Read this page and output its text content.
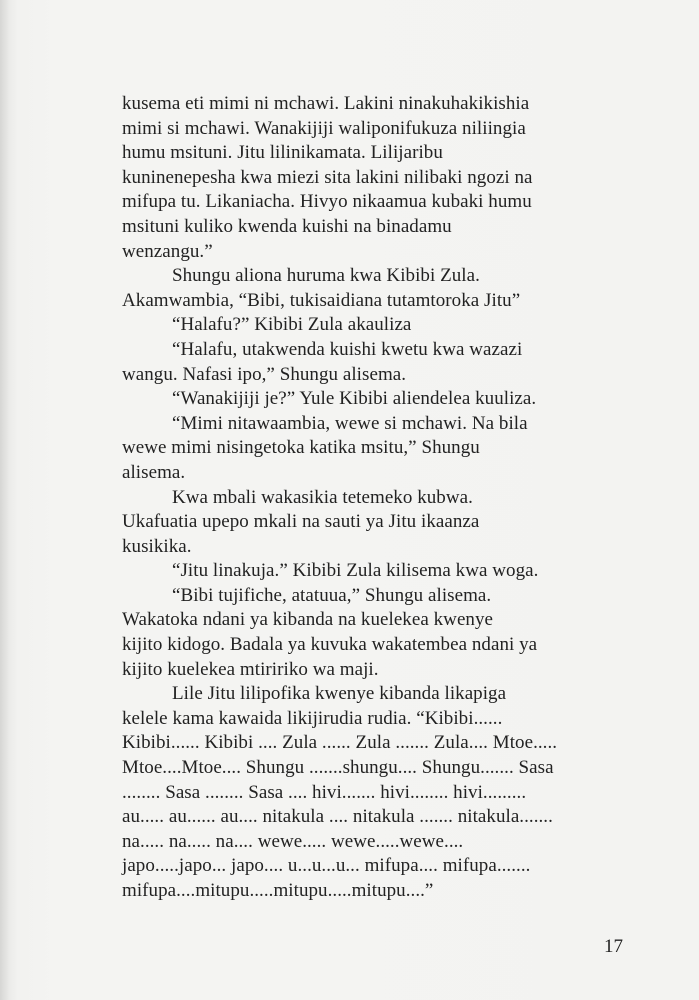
kusema eti mimi ni mchawi. Lakini ninakuhakikishia
mimi si mchawi. Wanakijiji waliponifukuza niliingia
humu msituni. Jitu lilinikamata. Lilijaribu
kuninenepesha kwa miezi sita lakini nilibaki ngozi na
mifupa tu. Likaniacha. Hivyo nikaamua kubaki humu
msituni kuliko kwenda kuishi na binadamu
wenzangu.”
Shungu aliona huruma kwa Kibibi Zula.
Akamwambia, “Bibi, tukisaidiana tutamtoroka Jitu”
“Halafu?” Kibibi Zula akauliza
“Halafu, utakwenda kuishi kwetu kwa wazazi
wangu. Nafasi ipo,” Shungu alisema.
“Wanakijiji je?” Yule Kibibi aliendelea kuuliza.
“Mimi nitawaambia, wewe si mchawi. Na bila
wewe mimi nisingetoka katika msitu,” Shungu
alisema.
Kwa mbali wakasikia tetemeko kubwa.
Ukafuatia upepo mkali na sauti ya Jitu ikaanza
kusikika.
“Jitu linakuja.” Kibibi Zula kilisema kwa woga.
“Bibi tujifiche, atatuua,” Shungu alisema.
Wakatoka ndani ya kibanda na kuelekea kwenye
kijito kidogo. Badala ya kuvuka wakatembea ndani ya
kijito kuelekea mtiririko wa maji.
Lile Jitu lilipofika kwenye kibanda likapiga
kelele kama kawaida likijirudia rudia. “Kibibi......
Kibibi...... Kibibi .... Zula ...... Zula ....... Zula.... Mtoe.....
Mtoe....Mtoe.... Shungu .......shungu.... Shungu....... Sasa
........ Sasa ........ Sasa .... hivi....... hivi........ hivi.........
au..... au...... au.... nitakula .... nitakula ....... nitakula.......
na..... na..... na.... wewe..... wewe.....wewe....
japo.....japo... japo.... u...u...u... mifupa.... mifupa.......
mifupa....mitupu.....mitupu.....mitupu....”
17
